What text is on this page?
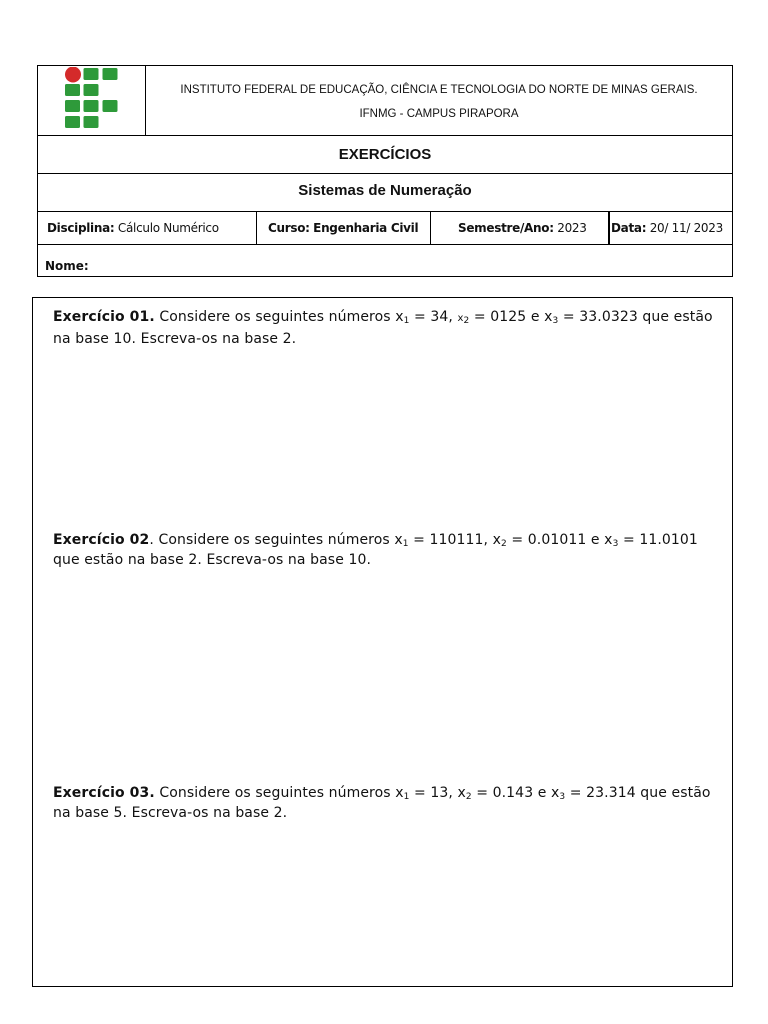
INSTITUTO FEDERAL DE EDUCAÇÃO, CIÊNCIA E TECNOLOGIA DO NORTE DE MINAS GERAIS.
IFNMG - CAMPUS PIRAPORA
EXERCÍCIOS
Sistemas de Numeração
Disciplina: Cálculo Numérico	Curso: Engenharia Civil	Semestre/Ano: 2023	Data: 20/ 11/ 2023
Nome:
Exercício 01. Considere os seguintes números $x_1 = 34$, $x_2 = 0125$ e $x_3 = 33.0323$ que estão na base 10. Escreva-os na base 2.
Exercício 02. Considere os seguintes números $x_1 = 110111$, $x_2 = 0.01011$ e $x_3 = 11.0101$ que estão na base 2. Escreva-os na base 10.
Exercício 03. Considere os seguintes números $x_1 = 13$, $x_2 = 0.143$ e $x_3 = 23.314$ que estão na base 5. Escreva-os na base 2.
